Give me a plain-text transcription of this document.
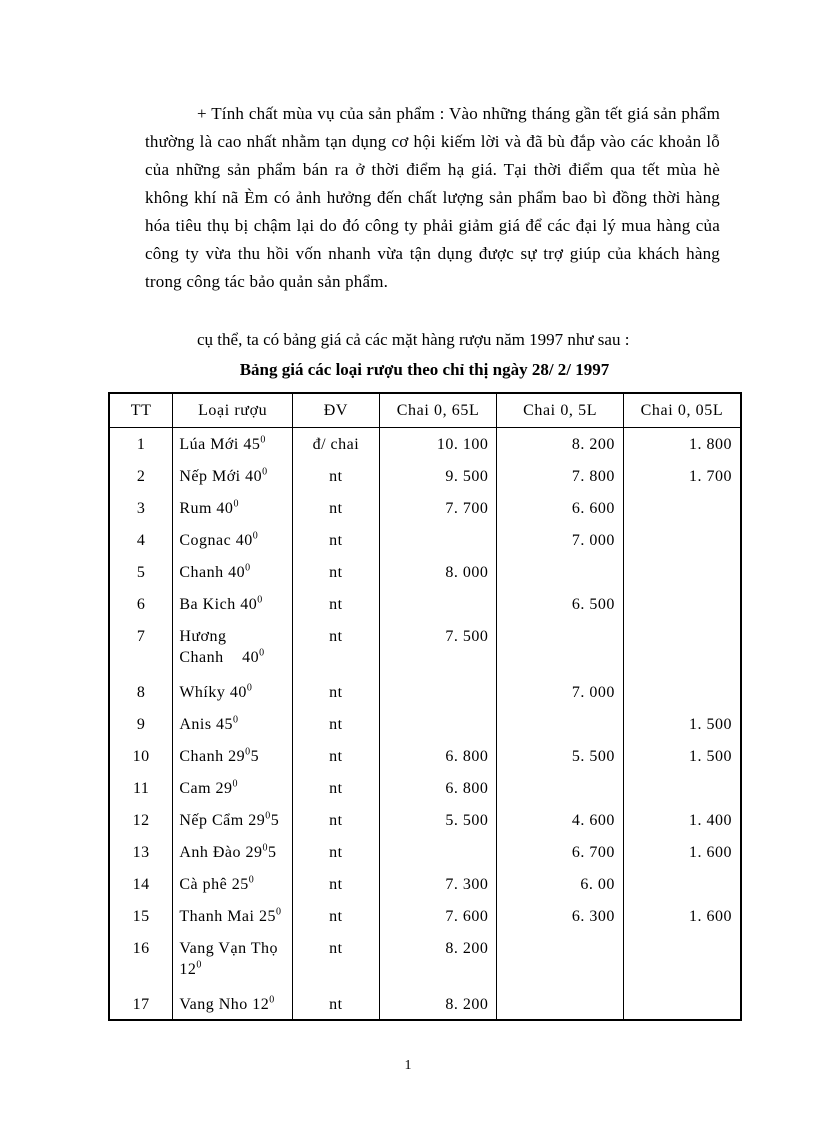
+ Tính chất mùa vụ của sản phẩm : Vào những tháng gần tết giá sản phẩm thường là cao nhất nhằm tạn dụng cơ hội kiếm lời và đã bù đắp vào các khoản lỗ của những sản phẩm bán ra ở thời điểm hạ giá. Tại thời điểm qua tết mùa hè không khí nã Èm có ảnh hưởng đến chất lượng sản phẩm bao bì đồng thời hàng hóa tiêu thụ bị chậm lại do đó công ty phải giảm giá để các đại lý mua hàng của công ty vừa thu hồi vốn nhanh vừa tận dụng được sự trợ giúp của khách hàng trong công tác bảo quản sản phẩm.
cụ thể, ta có bảng giá cả các mặt hàng rượu năm 1997 như sau :
Bảng giá các loại rượu theo chỉ thị ngày 28/ 2/ 1997
TT	Loại rượu	ĐV	Chai 0, 65L	Chai 0, 5L	Chai 0, 05L
1	Lúa Mới $45^0$	đ/ chai	10. 100	8. 200	1. 800
2	Nếp Mới $40^0$	nt	9. 500	7. 800	1. 700
3	Rum $40^0$	nt	7. 700	6. 600	
4	Cognac $40^0$	nt		7. 000	
5	Chanh $40^0$	nt	8. 000		
6	Ba Kich $40^0$	nt		6. 500	
7	Hương Chanh $40^0$	nt	7. 500		
8	Whíky $40^0$	nt		7. 000	
9	Anis $45^0$	nt			1. 500
10	Chanh $29^05$	nt	6. 800	5. 500	1. 500
11	Cam $29^0$	nt	6. 800		
12	Nếp Cẩm $29^05$	nt	5. 500	4. 600	1. 400
13	Anh Đào $29^05$	nt		6. 700	1. 600
14	Cà phê $25^0$	nt	7. 300	6. 00	
15	Thanh Mai $25^0$	nt	7. 600	6. 300	1. 600
16	Vang Vạn Thọ $12^0$	nt	8. 200		
17	Vang Nho $12^0$	nt	8. 200		
1
